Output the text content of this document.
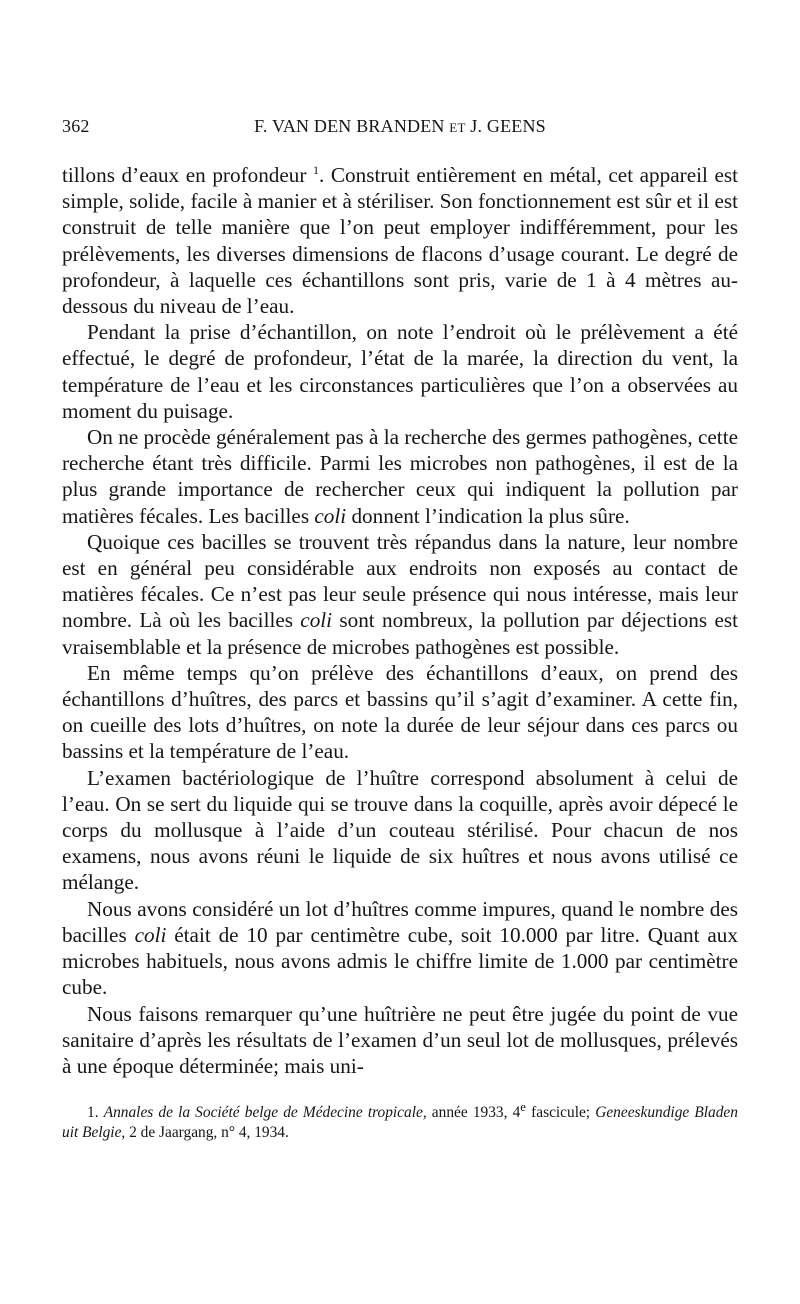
362	F. VAN DEN BRANDEN et J. GEENS

tillons d’eaux en profondeur $^1$. Construit entièrement en métal, cet appareil est simple, solide, facile à manier et à stériliser. Son fonctionnement est sûr et il est construit de telle manière que l’on peut employer indifféremment, pour les prélèvements, les diverses dimensions de flacons d’usage courant. Le degré de profondeur, à laquelle ces échantillons sont pris, varie de 1 à 4 mètres au-dessous du niveau de l’eau.

Pendant la prise d’échantillon, on note l’endroit où le prélèvement a été effectué, le degré de profondeur, l’état de la marée, la direction du vent, la température de l’eau et les circonstances particulières que l’on a observées au moment du puisage.

On ne procède généralement pas à la recherche des germes pathogènes, cette recherche étant très difficile. Parmi les microbes non pathogènes, il est de la plus grande importance de rechercher ceux qui indiquent la pollution par matières fécales. Les bacilles coli donnent l’indication la plus sûre.

Quoique ces bacilles se trouvent très répandus dans la nature, leur nombre est en général peu considérable aux endroits non exposés au contact de matières fécales. Ce n’est pas leur seule présence qui nous intéresse, mais leur nombre. Là où les bacilles coli sont nombreux, la pollution par déjections est vraisemblable et la présence de microbes pathogènes est possible.

En même temps qu’on prélève des échantillons d’eaux, on prend des échantillons d’huîtres, des parcs et bassins qu’il s’agit d’examiner. A cette fin, on cueille des lots d’huîtres, on note la durée de leur séjour dans ces parcs ou bassins et la température de l’eau.

L’examen bactériologique de l’huître correspond absolument à celui de l’eau. On se sert du liquide qui se trouve dans la coquille, après avoir dépecé le corps du mollusque à l’aide d’un couteau stérilisé. Pour chacun de nos examens, nous avons réuni le liquide de six huîtres et nous avons utilisé ce mélange.

Nous avons considéré un lot d’huîtres comme impures, quand le nombre des bacilles coli était de 10 par centimètre cube, soit 10.000 par litre. Quant aux microbes habituels, nous avons admis le chiffre limite de 1.000 par centimètre cube.

Nous faisons remarquer qu’une huîtrière ne peut être jugée du point de vue sanitaire d’après les résultats de l’examen d’un seul lot de mollusques, prélevés à une époque déterminée; mais uni-

1. Annales de la Société belge de Médecine tropicale, année 1933, 4e fascicule; Geneeskundige Bladen uit Belgie, 2 de Jaargang, n° 4, 1934.
